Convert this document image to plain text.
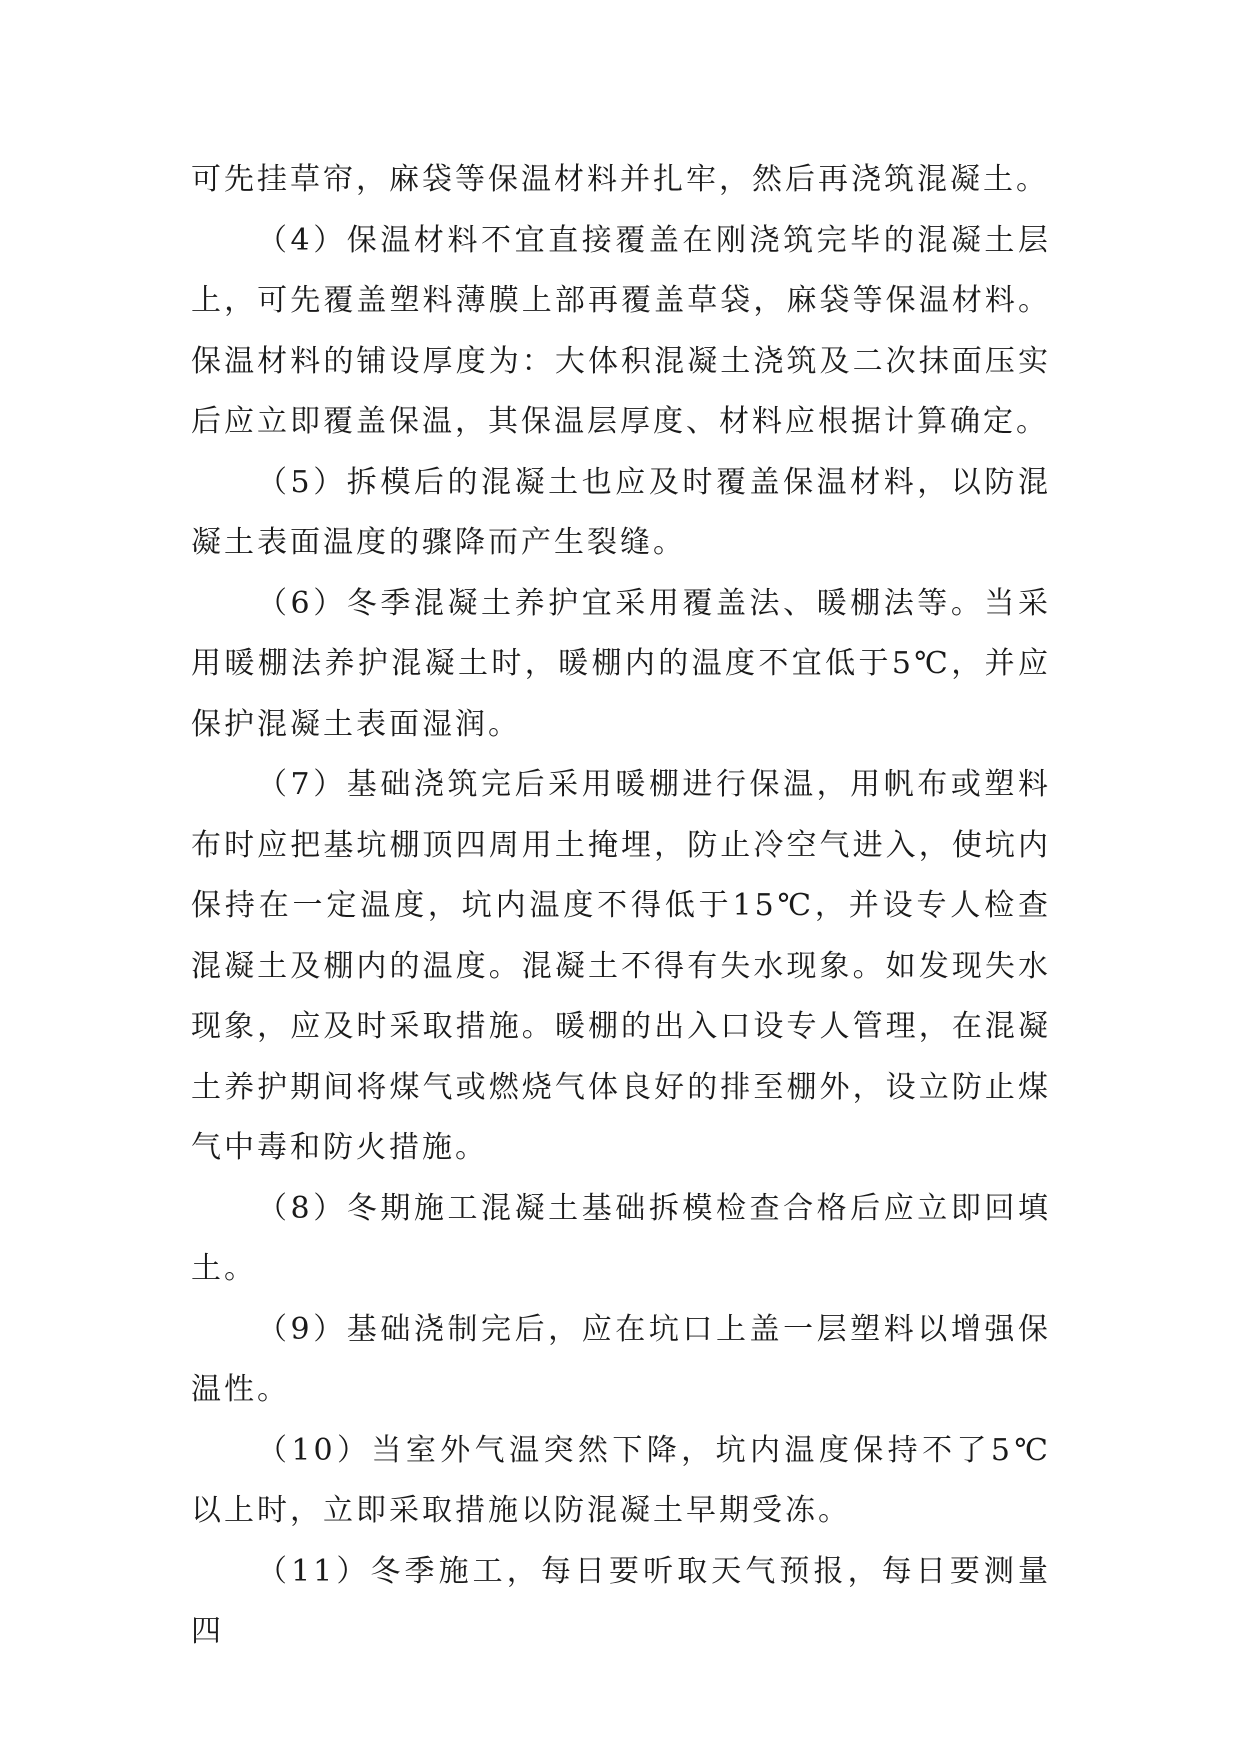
可先挂草帘，麻袋等保温材料并扎牢，然后再浇筑混凝土。

（4）保温材料不宜直接覆盖在刚浇筑完毕的混凝土层上，可先覆盖塑料薄膜上部再覆盖草袋，麻袋等保温材料。保温材料的铺设厚度为：大体积混凝土浇筑及二次抹面压实后应立即覆盖保温，其保温层厚度、材料应根据计算确定。

（5）拆模后的混凝土也应及时覆盖保温材料，以防混凝土表面温度的骤降而产生裂缝。

（6）冬季混凝土养护宜采用覆盖法、暖棚法等。当采用暖棚法养护混凝土时，暖棚内的温度不宜低于5℃，并应保护混凝土表面湿润。

（7）基础浇筑完后采用暖棚进行保温，用帆布或塑料布时应把基坑棚顶四周用土掩埋，防止冷空气进入，使坑内保持在一定温度，坑内温度不得低于15℃，并设专人检查混凝土及棚内的温度。混凝土不得有失水现象。如发现失水现象，应及时采取措施。暖棚的出入口设专人管理，在混凝土养护期间将煤气或燃烧气体良好的排至棚外，设立防止煤气中毒和防火措施。

（8）冬期施工混凝土基础拆模检查合格后应立即回填土。

（9）基础浇制完后，应在坑口上盖一层塑料以增强保温性。

（10）当室外气温突然下降，坑内温度保持不了5℃以上时，立即采取措施以防混凝土早期受冻。

（11）冬季施工，每日要听取天气预报，每日要测量四
